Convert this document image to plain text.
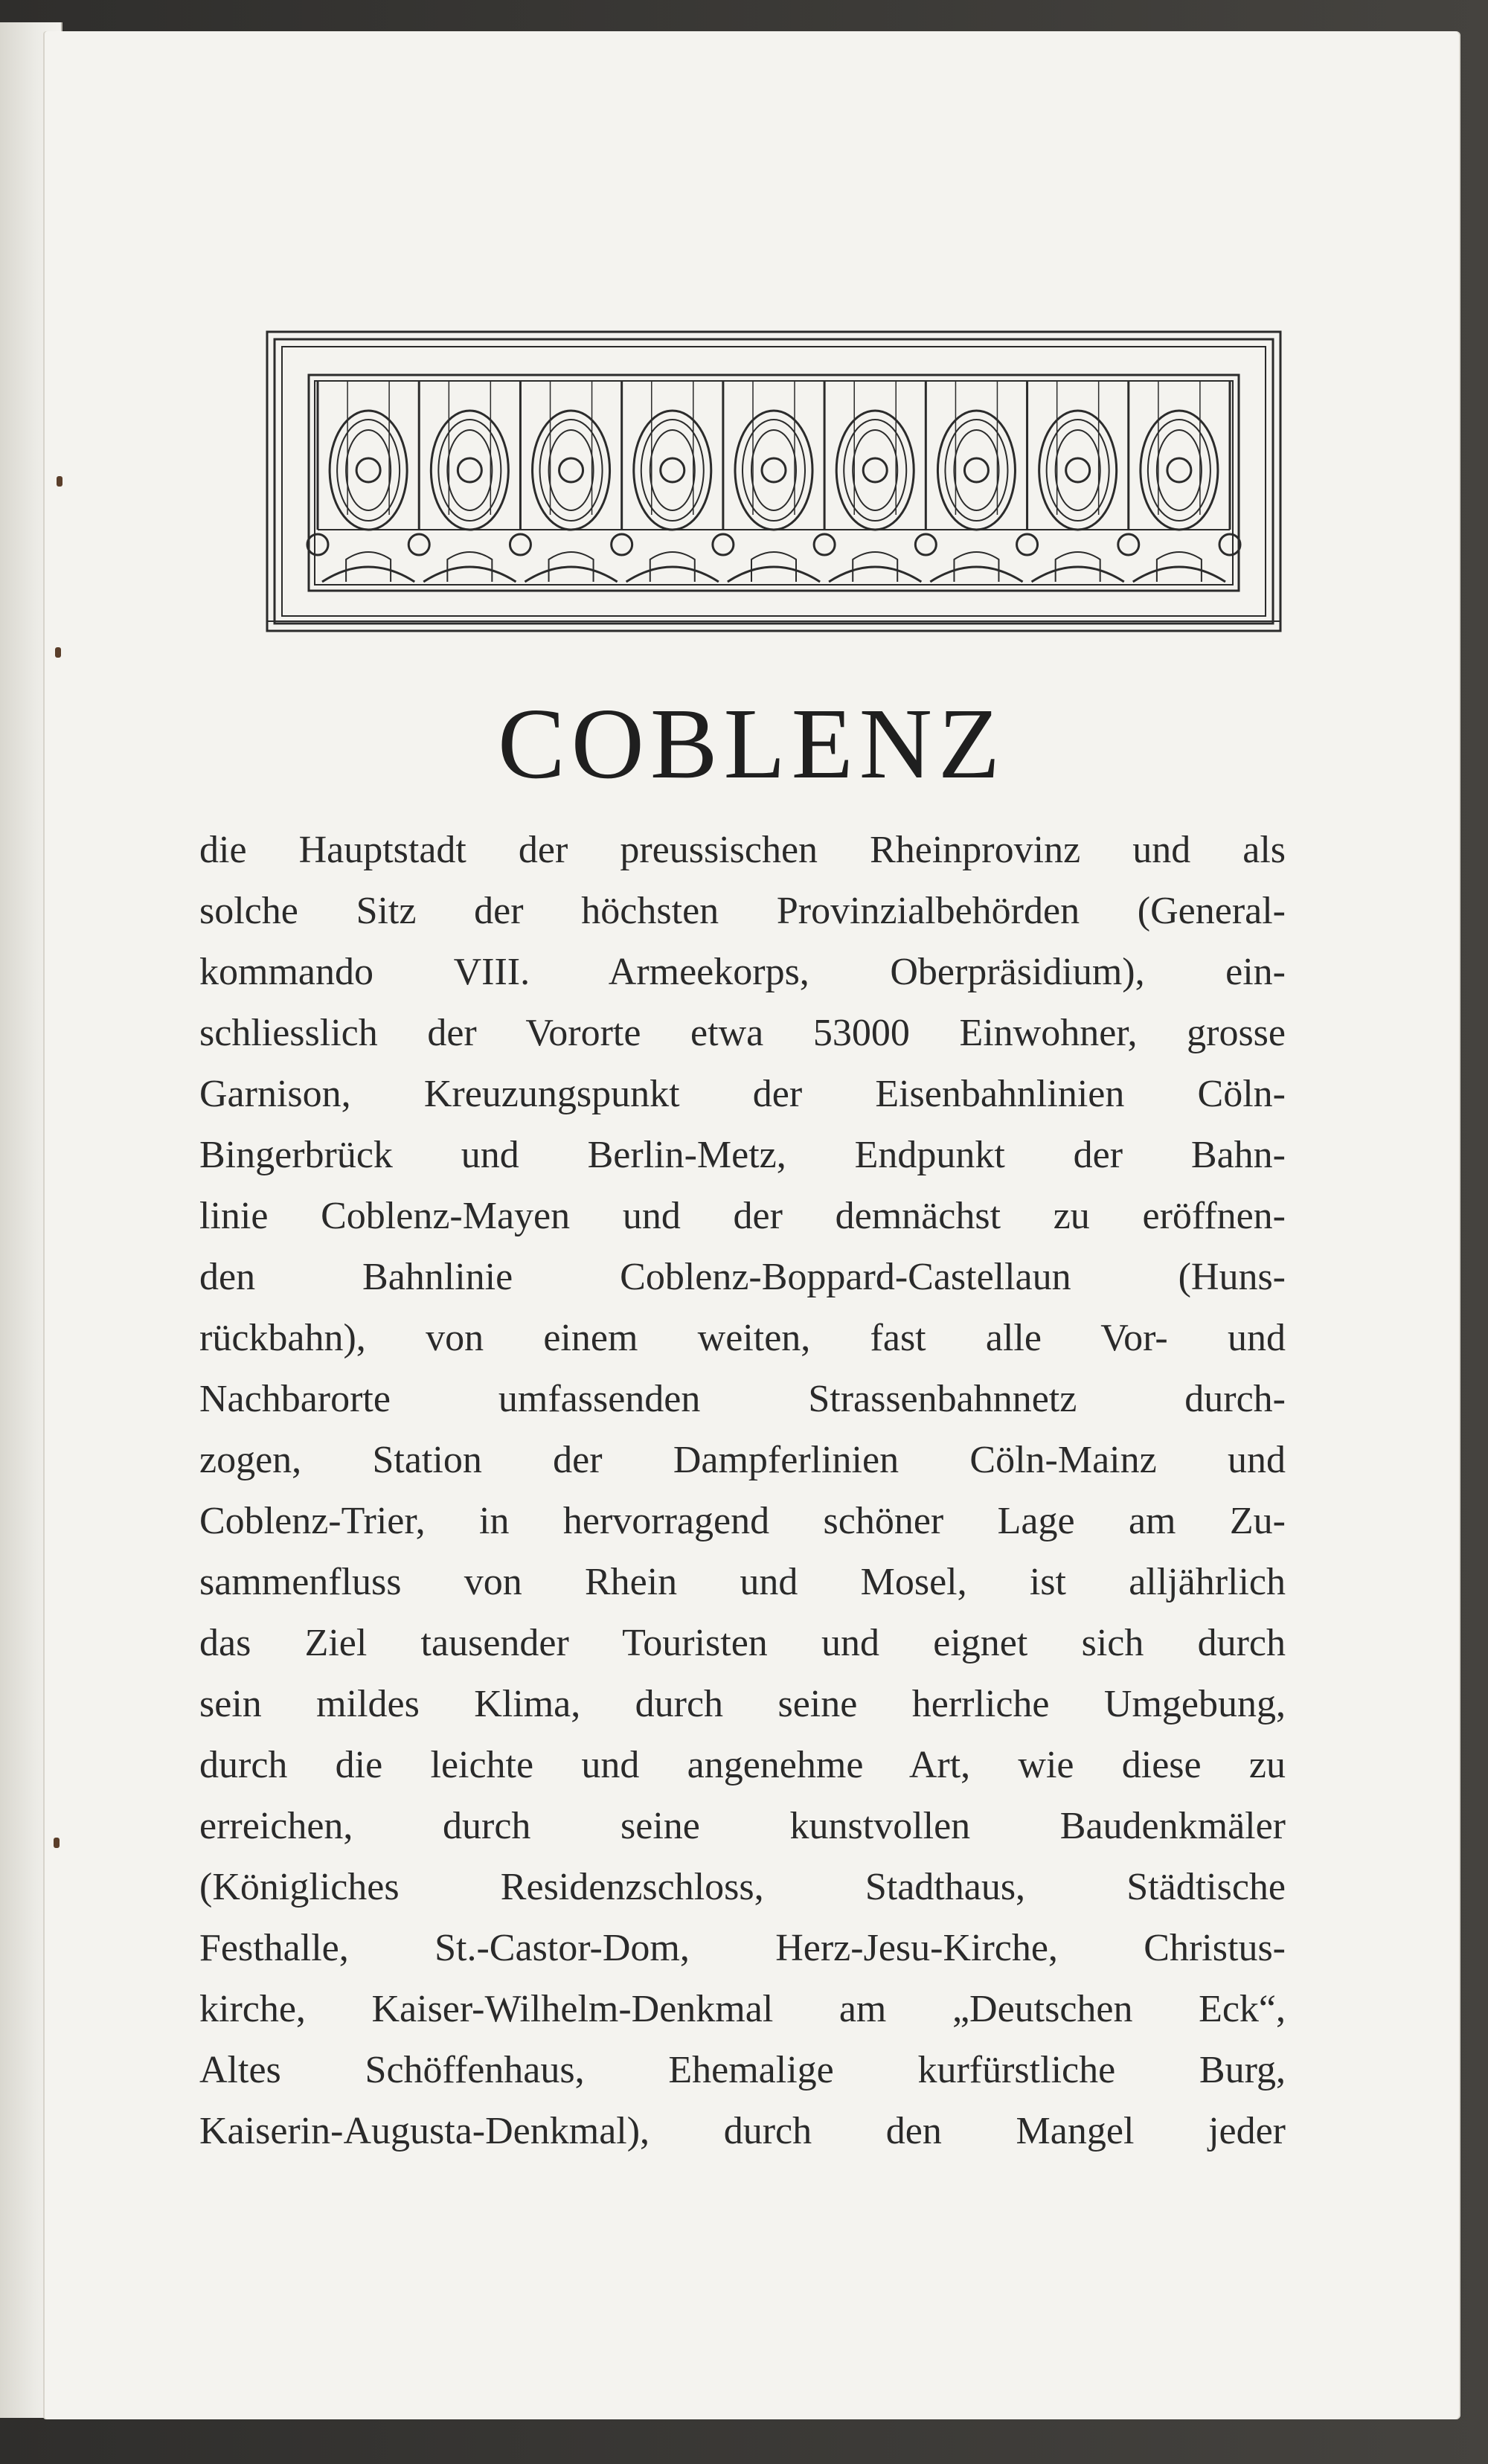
COBLENZ
die Hauptstadt der preussischen Rheinprovinz und als
solche Sitz der höchsten Provinzialbehörden (General-
kommando VIII. Armeekorps, Oberpräsidium), ein-
schliesslich der Vororte etwa 53000 Einwohner, grosse
Garnison, Kreuzungspunkt der Eisenbahnlinien Cöln-
Bingerbrück und Berlin-Metz, Endpunkt der Bahn-
linie Coblenz-Mayen und der demnächst zu eröffnen-
den Bahnlinie Coblenz-Boppard-Castellaun (Huns-
rückbahn), von einem weiten, fast alle Vor- und
Nachbarorte umfassenden Strassenbahnnetz durch-
zogen, Station der Dampferlinien Cöln-Mainz und
Coblenz-Trier, in hervorragend schöner Lage am Zu-
sammenfluss von Rhein und Mosel, ist alljährlich
das Ziel tausender Touristen und eignet sich durch
sein mildes Klima, durch seine herrliche Umgebung,
durch die leichte und angenehme Art, wie diese zu
erreichen, durch seine kunstvollen Baudenkmäler
(Königliches Residenzschloss, Stadthaus, Städtische
Festhalle, St.-Castor-Dom, Herz-Jesu-Kirche, Christus-
kirche, Kaiser-Wilhelm-Denkmal am „Deutschen Eck“,
Altes Schöffenhaus, Ehemalige kurfürstliche Burg,
Kaiserin-Augusta-Denkmal), durch den Mangel jeder
